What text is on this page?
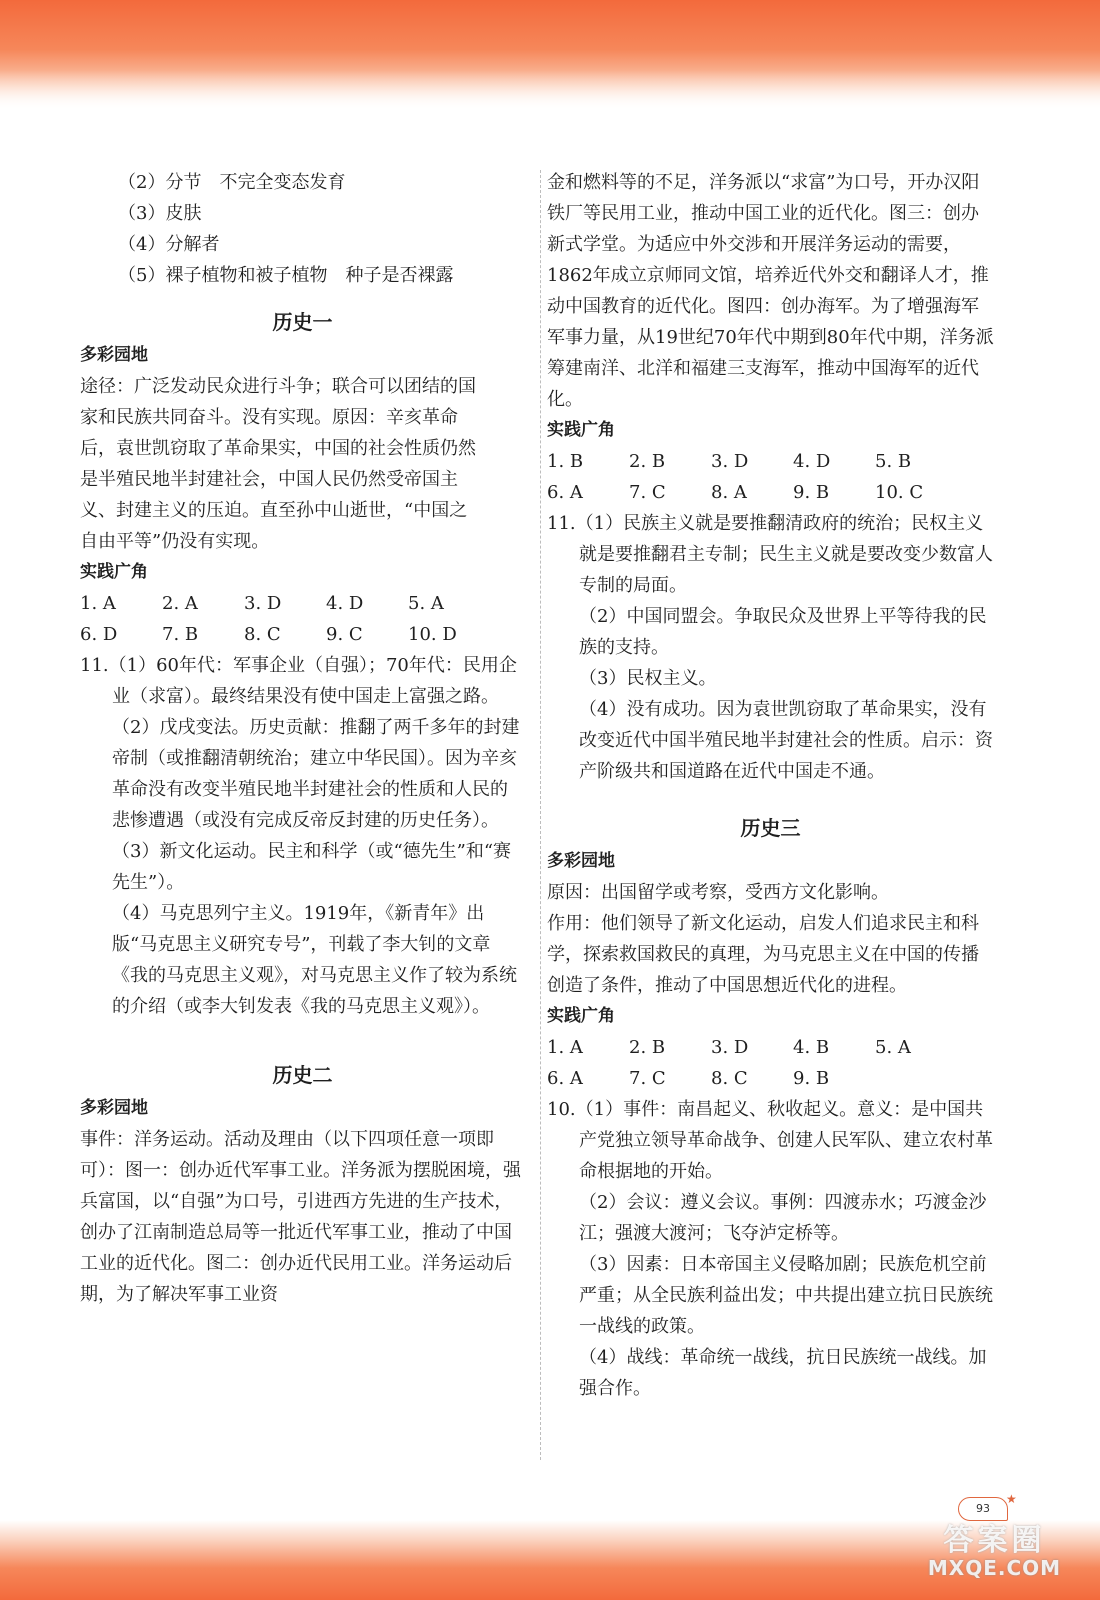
（2）分节　不完全变态发育

（3）皮肤

（4）分解者

（5）裸子植物和被子植物　种子是否裸露

历史一

多彩园地

途径：广泛发动民众进行斗争；联合可以团结的国

家和民族共同奋斗。没有实现。原因：辛亥革命

后，袁世凯窃取了革命果实，中国的社会性质仍然

是半殖民地半封建社会，中国人民仍然受帝国主

义、封建主义的压迫。直至孙中山逝世，“中国之

自由平等”仍没有实现。

实践广角

1. A	2. A	3. D	4. D	5. A
6. D	7. B	8. C	9. C	10. D

11.（1）60年代：军事企业（自强）；70年代：民用企业（求富）。最终结果没有使中国走上富强之路。

（2）戊戌变法。历史贡献：推翻了两千多年的封建帝制（或推翻清朝统治；建立中华民国）。因为辛亥革命没有改变半殖民地半封建社会的性质和人民的悲惨遭遇（或没有完成反帝反封建的历史任务）。

（3）新文化运动。民主和科学（或“德先生”和“赛先生”）。

（4）马克思列宁主义。1919年，《新青年》出版“马克思主义研究专号”，刊载了李大钊的文章《我的马克思主义观》，对马克思主义作了较为系统的介绍（或李大钊发表《我的马克思主义观》）。

历史二

多彩园地

事件：洋务运动。活动及理由（以下四项任意一项即可）：图一：创办近代军事工业。洋务派为摆脱困境，强兵富国，以“自强”为口号，引进西方先进的生产技术，创办了江南制造总局等一批近代军事工业，推动了中国工业的近代化。图二：创办近代民用工业。洋务运动后期，为了解决军事工业资

金和燃料等的不足，洋务派以“求富”为口号，开办汉阳铁厂等民用工业，推动中国工业的近代化。图三：创办新式学堂。为适应中外交涉和开展洋务运动的需要，1862年成立京师同文馆，培养近代外交和翻译人才，推动中国教育的近代化。图四：创办海军。为了增强海军军事力量，从19世纪70年代中期到80年代中期，洋务派筹建南洋、北洋和福建三支海军，推动中国海军的近代化。

实践广角

1. B	2. B	3. D	4. D	5. B
6. A	7. C	8. A	9. B	10. C

11.（1）民族主义就是要推翻清政府的统治；民权主义就是要推翻君主专制；民生主义就是要改变少数富人专制的局面。

（2）中国同盟会。争取民众及世界上平等待我的民族的支持。

（3）民权主义。

（4）没有成功。因为袁世凯窃取了革命果实，没有改变近代中国半殖民地半封建社会的性质。启示：资产阶级共和国道路在近代中国走不通。

历史三

多彩园地

原因：出国留学或考察，受西方文化影响。

作用：他们领导了新文化运动，启发人们追求民主和科学，探索救国救民的真理，为马克思主义在中国的传播创造了条件，推动了中国思想近代化的进程。

实践广角

1. A	2. B	3. D	4. B	5. A
6. A	7. C	8. C	9. B

10.（1）事件：南昌起义、秋收起义。意义：是中国共产党独立领导革命战争、创建人民军队、建立农村革命根据地的开始。

（2）会议：遵义会议。事例：四渡赤水；巧渡金沙江；强渡大渡河；飞夺泸定桥等。

（3）因素：日本帝国主义侵略加剧；民族危机空前严重；从全民族利益出发；中共提出建立抗日民族统一战线的政策。

（4）战线：革命统一战线，抗日民族统一战线。加强合作。

93
★
答案圈
MXQE.COM
